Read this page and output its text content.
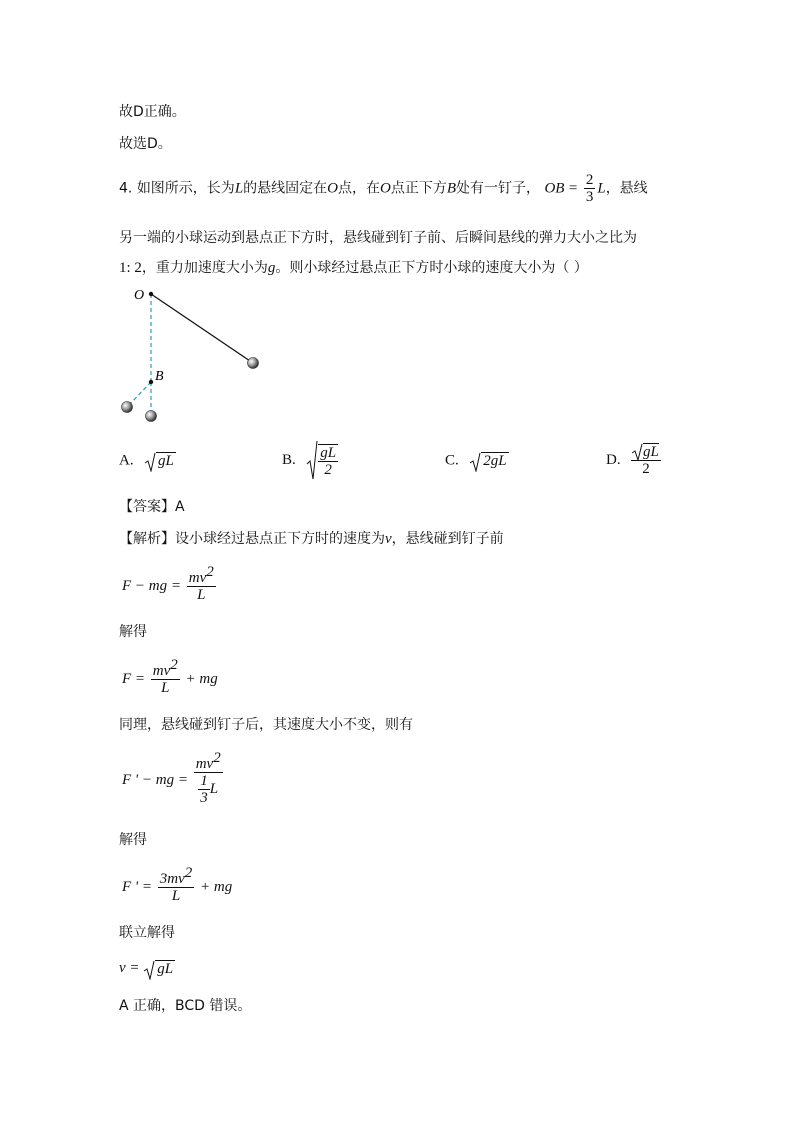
故D正确。
故选D。
4. 如图所示，长为L的悬线固定在O点，在O点正下方B处有一钉子， OB = $\frac{2}{3}$ L，悬线
另一端的小球运动到悬点正下方时，悬线碰到钉子前、后瞬间悬线的弹力大小之比为
1: 2，重力加速度大小为g。则小球经过悬点正下方时小球的速度大小为（ ）
O
B
A. gL	B. $\frac{gL}{2}$	C. 2gL	D. $\frac{gL}{2}$
【答案】A
【解析】设小球经过悬点正下方时的速度为v，悬线碰到钉子前
F − mg = $\frac{mv^2}{L}$
解得
$F = \frac{mv^2}{L}$ + mg
同理，悬线碰到钉子后，其速度大小不变，则有
F ' − mg = $\frac{mv^2}{\frac{1}{3} L}$
解得
F ' = $\frac{3mv^2}{L}$ + mg
联立解得
v = gL
A 正确，BCD 错误。
